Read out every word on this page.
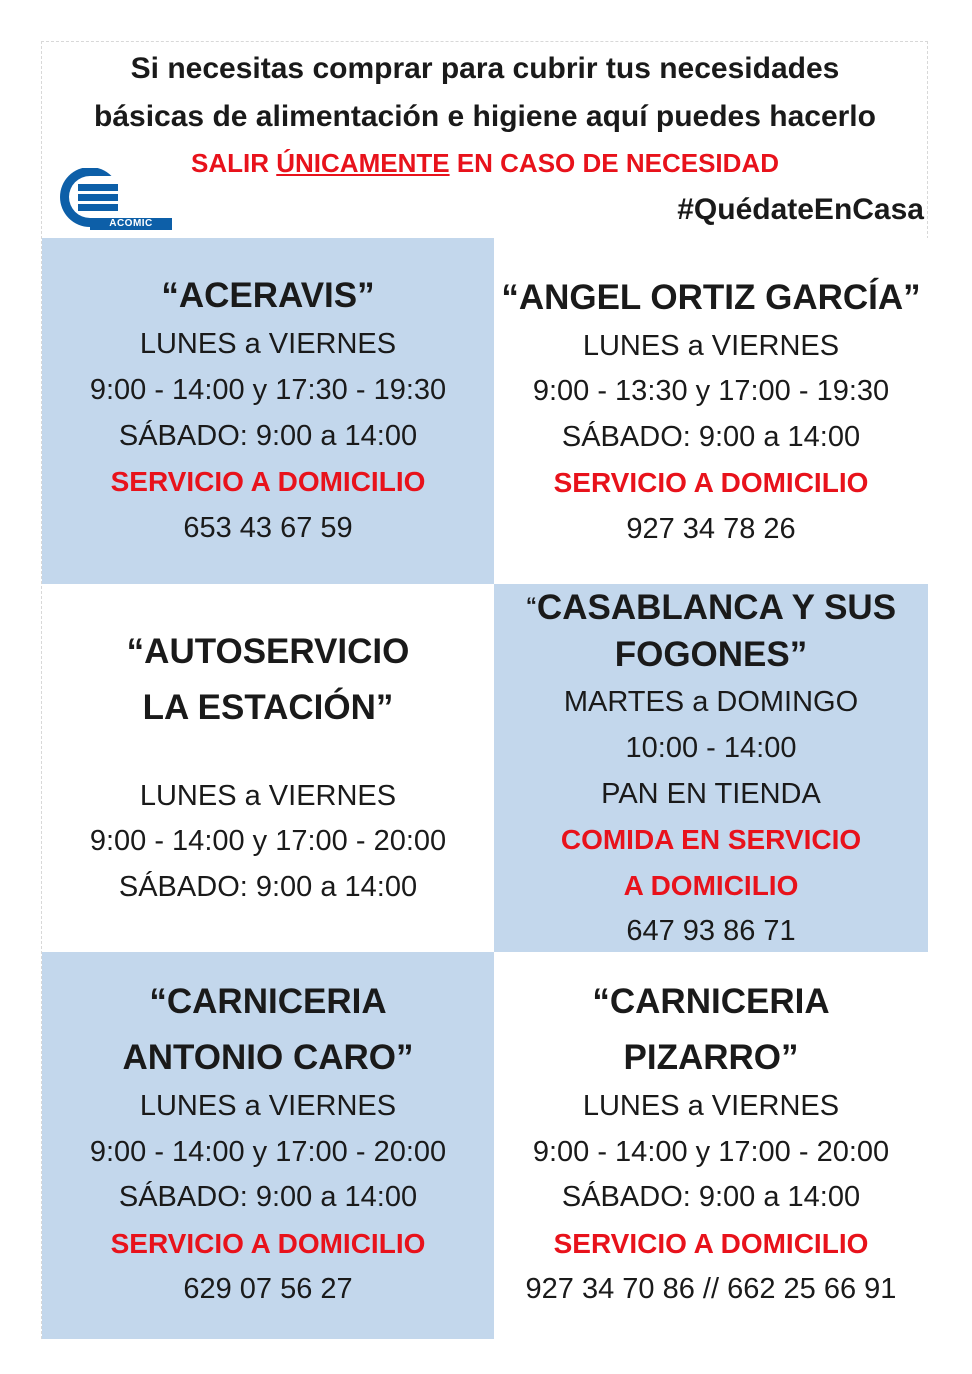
Si necesitas comprar para cubrir tus necesidades
básicas de alimentación e higiene aquí puedes hacerlo
SALIR ÚNICAMENTE EN CASO DE NECESIDAD
ACOMIC	#QuédateEnCasa
“ACERAVIS”
LUNES a VIERNES
9:00 - 14:00 y 17:30 - 19:30
SÁBADO: 9:00 a 14:00
SERVICIO A DOMICILIO
653 43 67 59
“ANGEL ORTIZ GARCÍA”
LUNES a VIERNES
9:00 - 13:30 y 17:00 - 19:30
SÁBADO: 9:00 a 14:00
SERVICIO A DOMICILIO
927 34 78 26
“AUTOSERVICIO
LA ESTACIÓN”
LUNES a VIERNES
9:00 - 14:00 y 17:00 - 20:00
SÁBADO: 9:00 a 14:00
“CASABLANCA Y SUS
FOGONES”
MARTES a DOMINGO
10:00 - 14:00
PAN EN TIENDA
COMIDA EN SERVICIO
A DOMICILIO
647 93 86 71
“CARNICERIA
ANTONIO CARO”
LUNES a VIERNES
9:00 - 14:00 y 17:00 - 20:00
SÁBADO: 9:00 a 14:00
SERVICIO A DOMICILIO
629 07 56 27
“CARNICERIA
PIZARRO”
LUNES a VIERNES
9:00 - 14:00 y 17:00 - 20:00
SÁBADO: 9:00 a 14:00
SERVICIO A DOMICILIO
927 34 70 86 // 662 25 66 91
